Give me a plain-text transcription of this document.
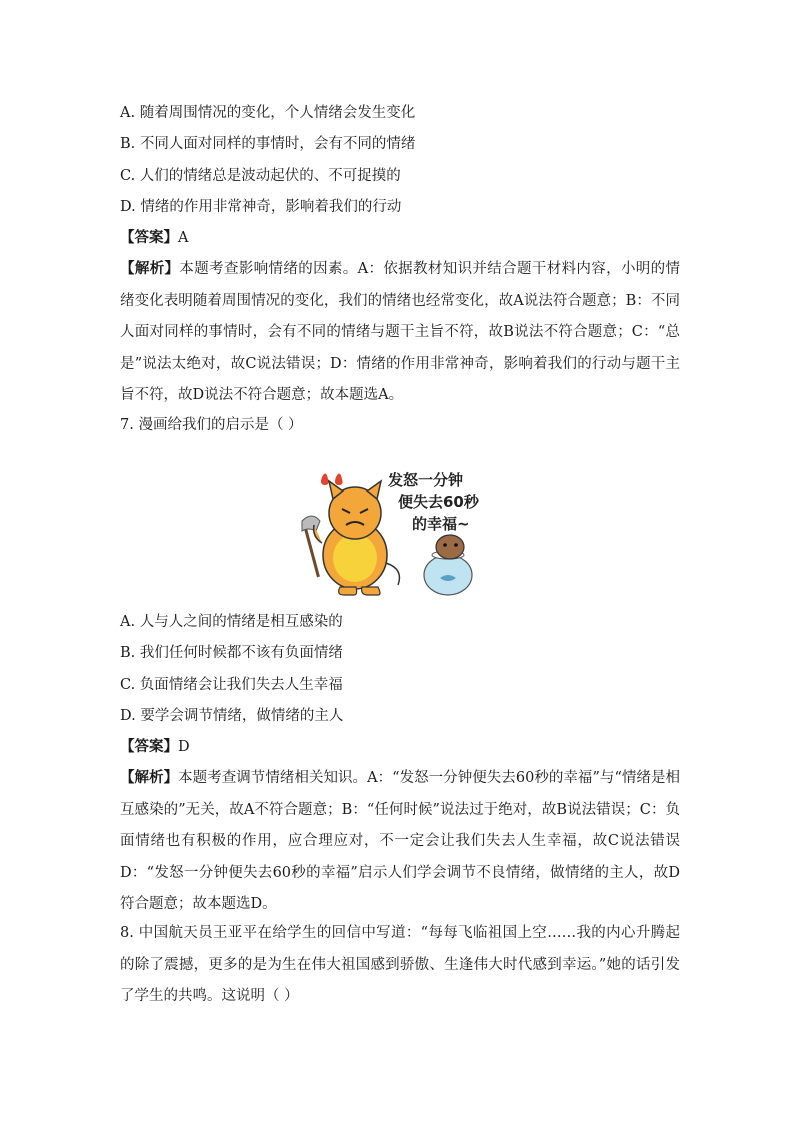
A. 随着周围情况的变化，个人情绪会发生变化
B. 不同人面对同样的事情时，会有不同的情绪
C. 人们的情绪总是波动起伏的、不可捉摸的
D. 情绪的作用非常神奇，影响着我们的行动
【答案】A
【解析】本题考查影响情绪的因素。A：依据教材知识并结合题干材料内容，小明的情绪变化表明随着周围情况的变化，我们的情绪也经常变化，故A说法符合题意；B：不同人面对同样的事情时，会有不同的情绪与题干主旨不符，故B说法不符合题意；C：“总是”说法太绝对，故C说法错误；D：情绪的作用非常神奇，影响着我们的行动与题干主旨不符，故D说法不符合题意；故本题选A。
7. 漫画给我们的启示是（ ）
发怒一分钟
便失去60秒
的幸福~
A. 人与人之间的情绪是相互感染的
B. 我们任何时候都不该有负面情绪
C. 负面情绪会让我们失去人生幸福
D. 要学会调节情绪，做情绪的主人
【答案】D
【解析】本题考查调节情绪相关知识。A：“发怒一分钟便失去60秒的幸福”与“情绪是相互感染的”无关，故A不符合题意；B：“任何时候”说法过于绝对，故B说法错误；C：负面情绪也有积极的作用，应合理应对，不一定会让我们失去人生幸福，故C说法错误 D：“发怒一分钟便失去60秒的幸福”启示人们学会调节不良情绪，做情绪的主人，故D符合题意；故本题选D。
8. 中国航天员王亚平在给学生的回信中写道：“每每飞临祖国上空……我的内心升腾起的除了震撼，更多的是为生在伟大祖国感到骄傲、生逢伟大时代感到幸运。”她的话引发了学生的共鸣。这说明（ ）
